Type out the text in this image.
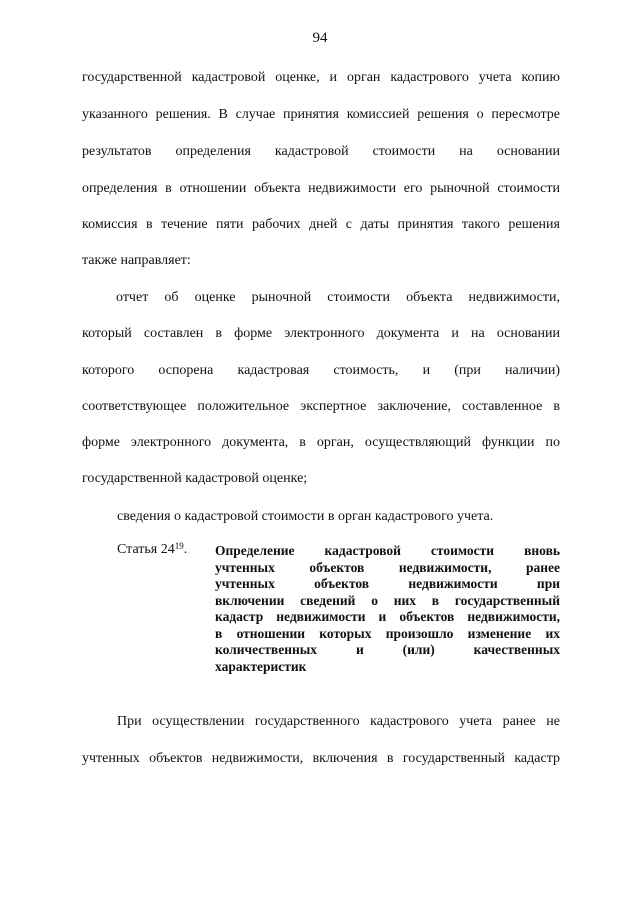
94
государственной кадастровой оценке, и орган кадастрового учета копию
указанного решения. В случае принятия комиссией решения о пересмотре
результатов определения кадастровой стоимости на основании
определения в отношении объекта недвижимости его рыночной стоимости
комиссия в течение пяти рабочих дней с даты принятия такого решения
также направляет:
отчет об оценке рыночной стоимости объекта недвижимости,
который составлен в форме электронного документа и на основании
которого оспорена кадастровая стоимость, и (при наличии)
соответствующее положительное экспертное заключение, составленное в
форме электронного документа, в орган, осуществляющий функции по
государственной кадастровой оценке;
сведения о кадастровой стоимости в орган кадастрового учета.
Статья $24^{19}$. Определение кадастровой стоимости вновь
учтенных объектов недвижимости, ранее
учтенных объектов недвижимости при
включении сведений о них в государственный
кадастр недвижимости и объектов недвижимости,
в отношении которых произошло изменение их
количественных и (или) качественных
характеристик
При осуществлении государственного кадастрового учета ранее не
учтенных объектов недвижимости, включения в государственный кадастр
